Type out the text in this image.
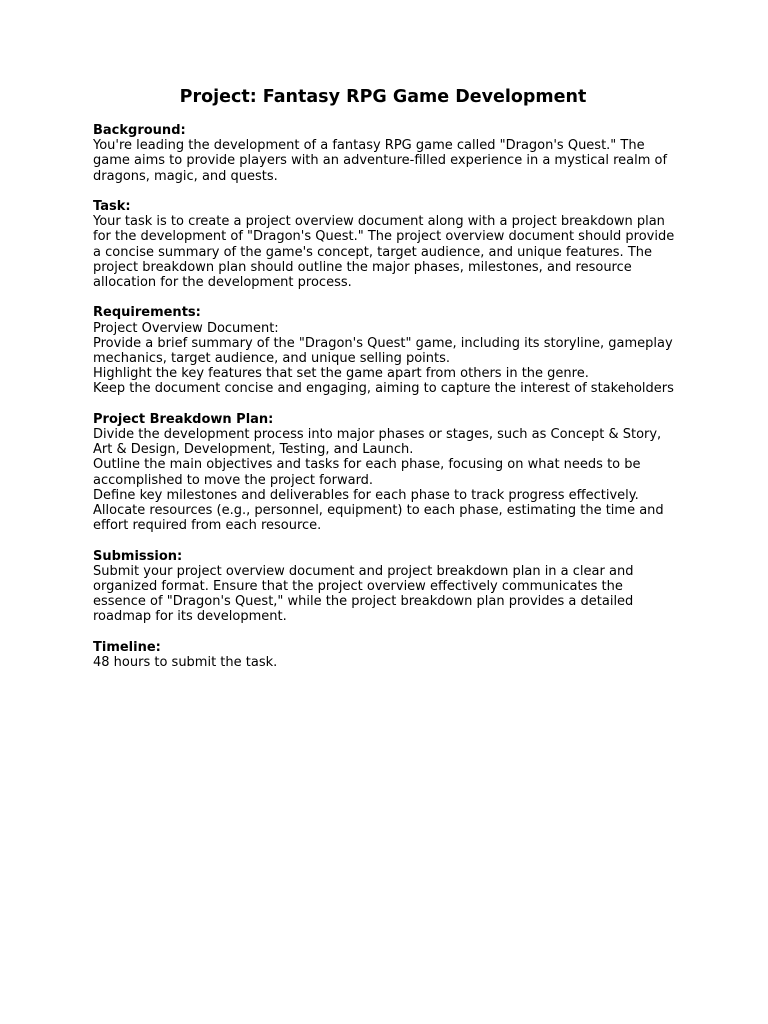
Project: Fantasy RPG Game Development

Background:

You're leading the development of a fantasy RPG game called "Dragon's Quest." The

game aims to provide players with an adventure-filled experience in a mystical realm of

dragons, magic, and quests.

Task:

Your task is to create a project overview document along with a project breakdown plan

for the development of "Dragon's Quest." The project overview document should provide

a concise summary of the game's concept, target audience, and unique features. The

project breakdown plan should outline the major phases, milestones, and resource

allocation for the development process.

Requirements:

Project Overview Document:

Provide a brief summary of the "Dragon's Quest" game, including its storyline, gameplay

mechanics, target audience, and unique selling points.

Highlight the key features that set the game apart from others in the genre.

Keep the document concise and engaging, aiming to capture the interest of stakeholders

Project Breakdown Plan:

Divide the development process into major phases or stages, such as Concept & Story,

Art & Design, Development, Testing, and Launch.

Outline the main objectives and tasks for each phase, focusing on what needs to be

accomplished to move the project forward.

Define key milestones and deliverables for each phase to track progress effectively.

Allocate resources (e.g., personnel, equipment) to each phase, estimating the time and

effort required from each resource.

Submission:

Submit your project overview document and project breakdown plan in a clear and

organized format. Ensure that the project overview effectively communicates the

essence of "Dragon's Quest," while the project breakdown plan provides a detailed

roadmap for its development.

Timeline:

48 hours to submit the task.
